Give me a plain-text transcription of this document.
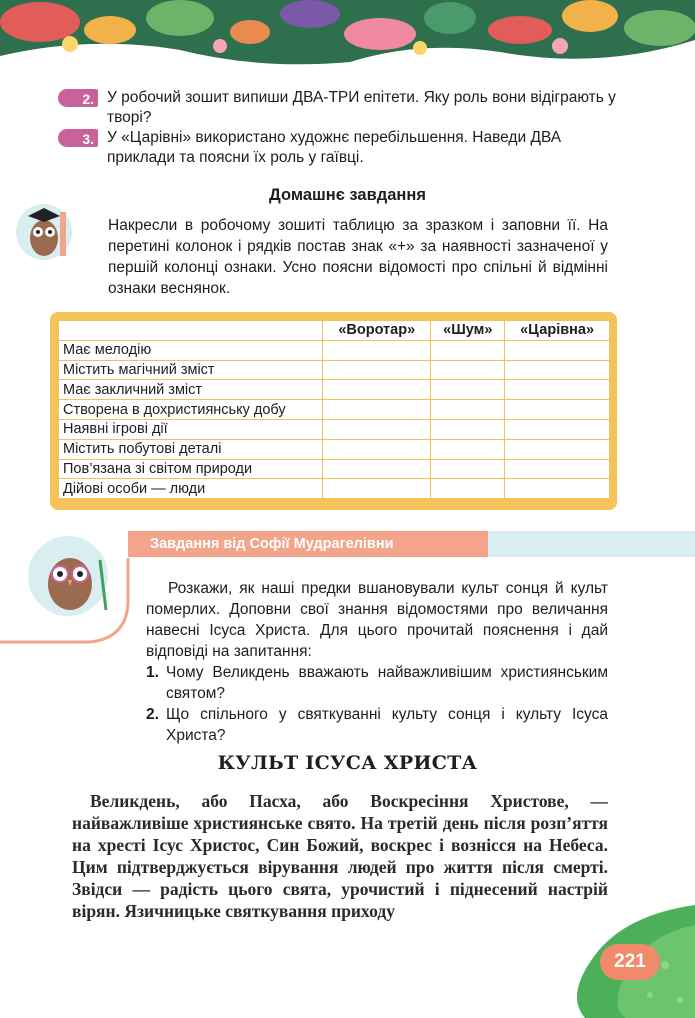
2. У робочий зошит випиши ДВА-ТРИ епітети. Яку роль вони відіграють у творі?
3. У «Царівні» використано художнє перебільшення. Наведи ДВА приклади та поясни їх роль у гаївці.
Домашнє завдання
Накресли в робочому зошиті таблицю за зразком і заповни її. На перетині колонок і рядків постав знак «+» за наявності зазначеної у першій колонці ознаки. Усно поясни відомості про спільні й відмінні ознаки веснянок.
	«Воротар»	«Шум»	«Царівна»
Має мелодію			
Містить магічний зміст			
Має закличний зміст			
Створена в дохристиянську добу			
Наявні ігрові дії			
Містить побутові деталі			
Пов’язана зі світом природи			
Дійові особи — люди			
Завдання від Софії Мудрагелівни
Розкажи, як наші предки вшановували культ сонця й культ померлих. Доповни свої знання відомостями про величання навесні Ісуса Христа. Для цього прочитай пояснення і дай відповіді на запитання:
1. Чому Великдень вважають найважливішим християнським святом?
2. Що спільного у святкуванні культу сонця і культу Ісуса Христа?
КУЛЬТ ІСУСА ХРИСТА
Великдень, або Пасха, або Воскресіння Христове, — найважливіше християнське свято. На третій день після розп’яття на хресті Ісус Христос, Син Божий, воскрес і вознісся на Небеса. Цим підтверджується вірування людей про життя після смерті. Звідси — радість цього свята, урочистий і піднесений настрій вірян. Язичницьке святкування приходу
221
